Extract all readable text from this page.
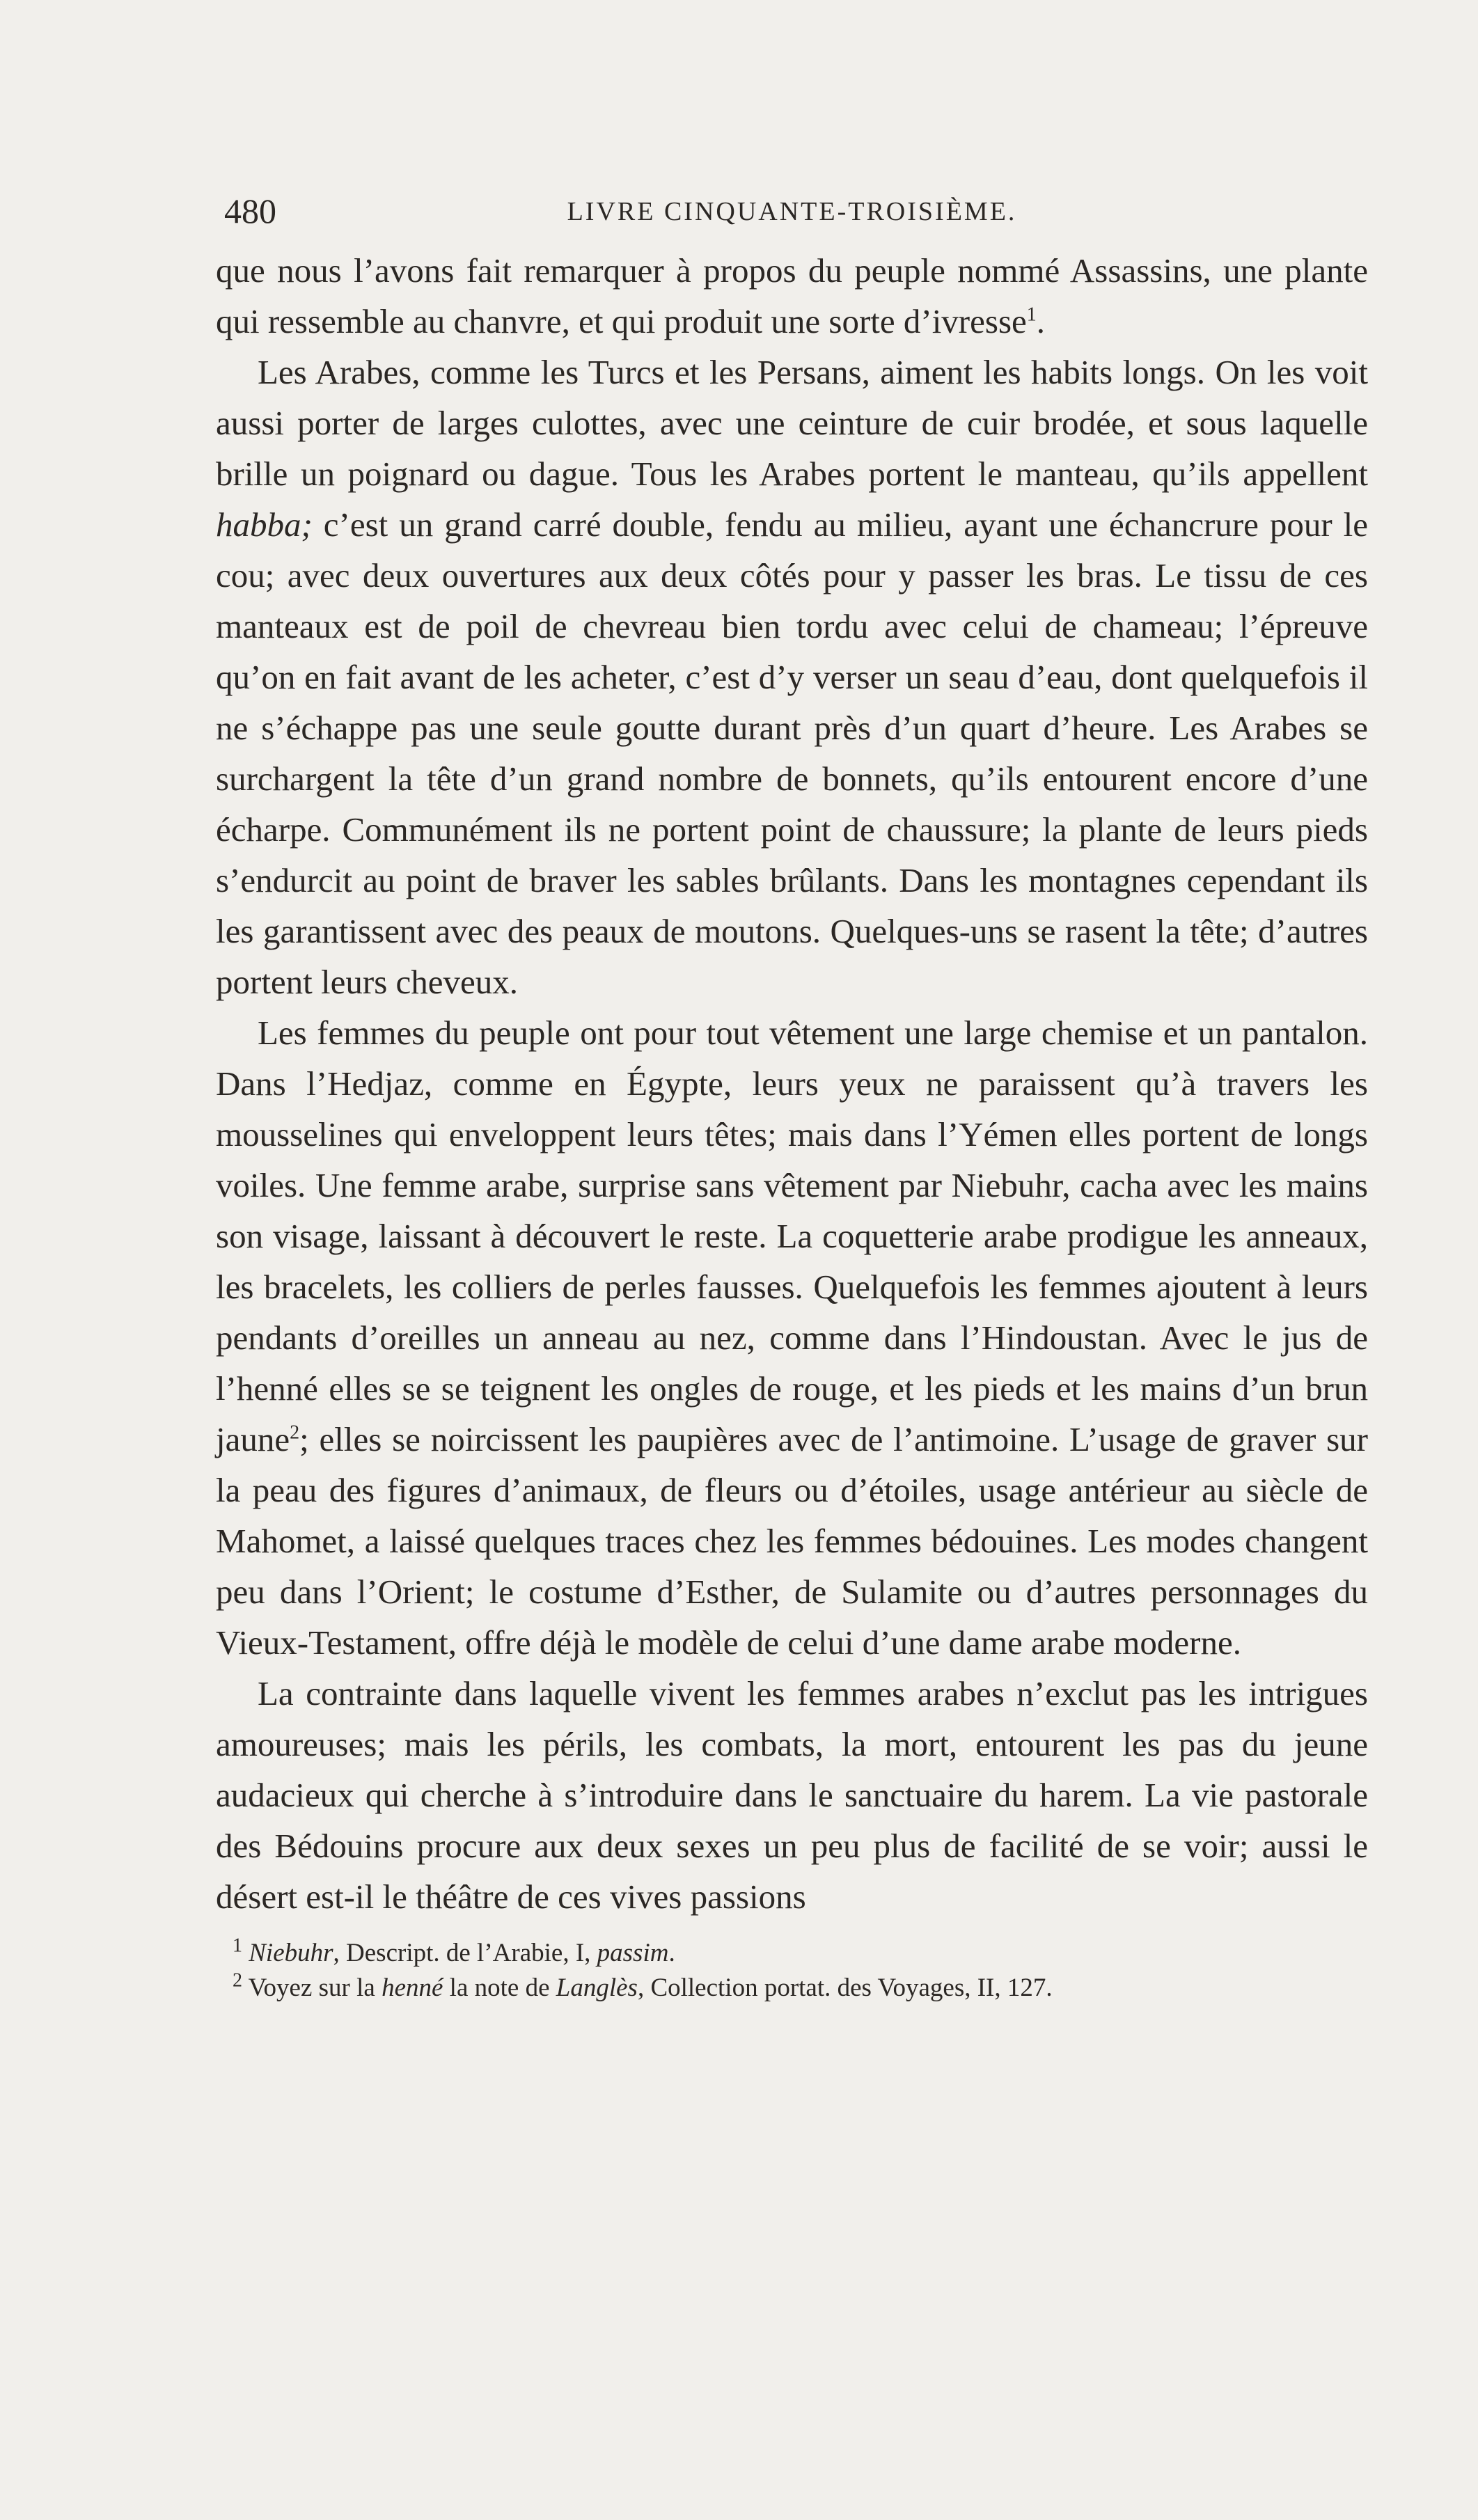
480	LIVRE CINQUANTE-TROISIÈME.

que nous l’avons fait remarquer à propos du peuple nommé Assassins, une plante qui ressemble au chanvre, et qui produit une sorte d’ivresse$^1$.

Les Arabes, comme les Turcs et les Persans, aiment les habits longs. On les voit aussi porter de larges culottes, avec une ceinture de cuir brodée, et sous laquelle brille un poignard ou dague. Tous les Arabes portent le manteau, qu’ils appellent habba; c’est un grand carré double, fendu au milieu, ayant une échancrure pour le cou; avec deux ouvertures aux deux côtés pour y passer les bras. Le tissu de ces manteaux est de poil de chevreau bien tordu avec celui de chameau; l’épreuve qu’on en fait avant de les acheter, c’est d’y verser un seau d’eau, dont quelquefois il ne s’échappe pas une seule goutte durant près d’un quart d’heure. Les Arabes se surchargent la tête d’un grand nombre de bonnets, qu’ils entourent encore d’une écharpe. Communément ils ne portent point de chaussure; la plante de leurs pieds s’endurcit au point de braver les sables brûlants. Dans les montagnes cependant ils les garantissent avec des peaux de moutons. Quelques-uns se rasent la tête; d’autres portent leurs cheveux.

Les femmes du peuple ont pour tout vêtement une large chemise et un pantalon. Dans l’Hedjaz, comme en Égypte, leurs yeux ne paraissent qu’à travers les mousselines qui enveloppent leurs têtes; mais dans l’Yémen elles portent de longs voiles. Une femme arabe, surprise sans vêtement par Niebuhr, cacha avec les mains son visage, laissant à découvert le reste. La coquetterie arabe prodigue les anneaux, les bracelets, les colliers de perles fausses. Quelquefois les femmes ajoutent à leurs pendants d’oreilles un anneau au nez, comme dans l’Hindoustan. Avec le jus de l’henné elles se se teignent les ongles de rouge, et les pieds et les mains d’un brun jaune$^2$; elles se noircissent les paupières avec de l’antimoine. L’usage de graver sur la peau des figures d’animaux, de fleurs ou d’étoiles, usage antérieur au siècle de Mahomet, a laissé quelques traces chez les femmes bédouines. Les modes changent peu dans l’Orient; le costume d’Esther, de Sulamite ou d’autres personnages du Vieux-Testament, offre déjà le modèle de celui d’une dame arabe moderne.

La contrainte dans laquelle vivent les femmes arabes n’exclut pas les intrigues amoureuses; mais les périls, les combats, la mort, entourent les pas du jeune audacieux qui cherche à s’introduire dans le sanctuaire du harem. La vie pastorale des Bédouins procure aux deux sexes un peu plus de facilité de se voir; aussi le désert est-il le théâtre de ces vives passions

$^1$ Niebuhr, Descript. de l’Arabie, I, passim.
$^2$ Voyez sur la henné la note de Langlès, Collection portat. des Voyages, II, 127.
